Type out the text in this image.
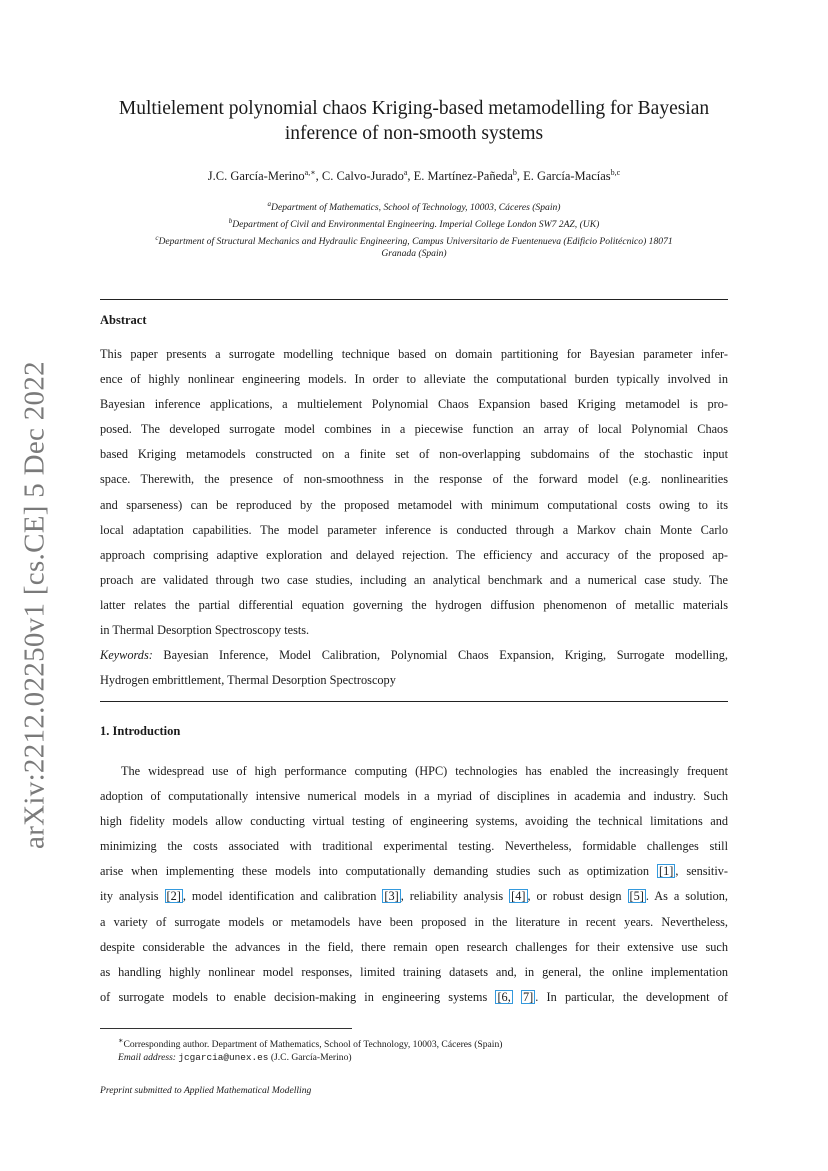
arXiv:2212.02250v1 [cs.CE] 5 Dec 2022
Multielement polynomial chaos Kriging-based metamodelling for Bayesian
inference of non-smooth systems
J.C. García-Merino$^{a,∗}$, C. Calvo-Jurado$^a$, E. Martínez-Pañeda$^b$, E. García-Macías$^{b,c}$
$^a$Department of Mathematics, School of Technology, 10003, Cáceres (Spain)
$^b$Department of Civil and Environmental Engineering. Imperial College London SW7 2AZ, (UK)
$^c$Department of Structural Mechanics and Hydraulic Engineering, Campus Universitario de Fuentenueva (Edificio Politécnico) 18071
Granada (Spain)
Abstract
This paper presents a surrogate modelling technique based on domain partitioning for Bayesian parameter infer-
ence of highly nonlinear engineering models. In order to alleviate the computational burden typically involved in
Bayesian inference applications, a multielement Polynomial Chaos Expansion based Kriging metamodel is pro-
posed. The developed surrogate model combines in a piecewise function an array of local Polynomial Chaos
based Kriging metamodels constructed on a finite set of non-overlapping subdomains of the stochastic input
space. Therewith, the presence of non-smoothness in the response of the forward model (e.g. nonlinearities
and sparseness) can be reproduced by the proposed metamodel with minimum computational costs owing to its
local adaptation capabilities. The model parameter inference is conducted through a Markov chain Monte Carlo
approach comprising adaptive exploration and delayed rejection. The efficiency and accuracy of the proposed ap-
proach are validated through two case studies, including an analytical benchmark and a numerical case study. The
latter relates the partial differential equation governing the hydrogen diffusion phenomenon of metallic materials
in Thermal Desorption Spectroscopy tests.
Keywords: Bayesian Inference, Model Calibration, Polynomial Chaos Expansion, Kriging, Surrogate modelling,
Hydrogen embrittlement, Thermal Desorption Spectroscopy
1. Introduction
The widespread use of high performance computing (HPC) technologies has enabled the increasingly frequent
adoption of computationally intensive numerical models in a myriad of disciplines in academia and industry. Such
high fidelity models allow conducting virtual testing of engineering systems, avoiding the technical limitations and
minimizing the costs associated with traditional experimental testing. Nevertheless, formidable challenges still
arise when implementing these models into computationally demanding studies such as optimization [1] , sensitiv-
ity analysis [2] , model identification and calibration [3] , reliability analysis [4] , or robust design [5] . As a solution,
a variety of surrogate models or metamodels have been proposed in the literature in recent years. Nevertheless,
despite considerable the advances in the field, there remain open research challenges for their extensive use such
as handling highly nonlinear model responses, limited training datasets and, in general, the online implementation
of surrogate models to enable decision-making in engineering systems [6, 7] . In particular, the development of
∗Corresponding author. Department of Mathematics, School of Technology, 10003, Cáceres (Spain)
Email address: jcgarcia@unex.es (J.C. García-Merino)
Preprint submitted to Applied Mathematical Modelling
